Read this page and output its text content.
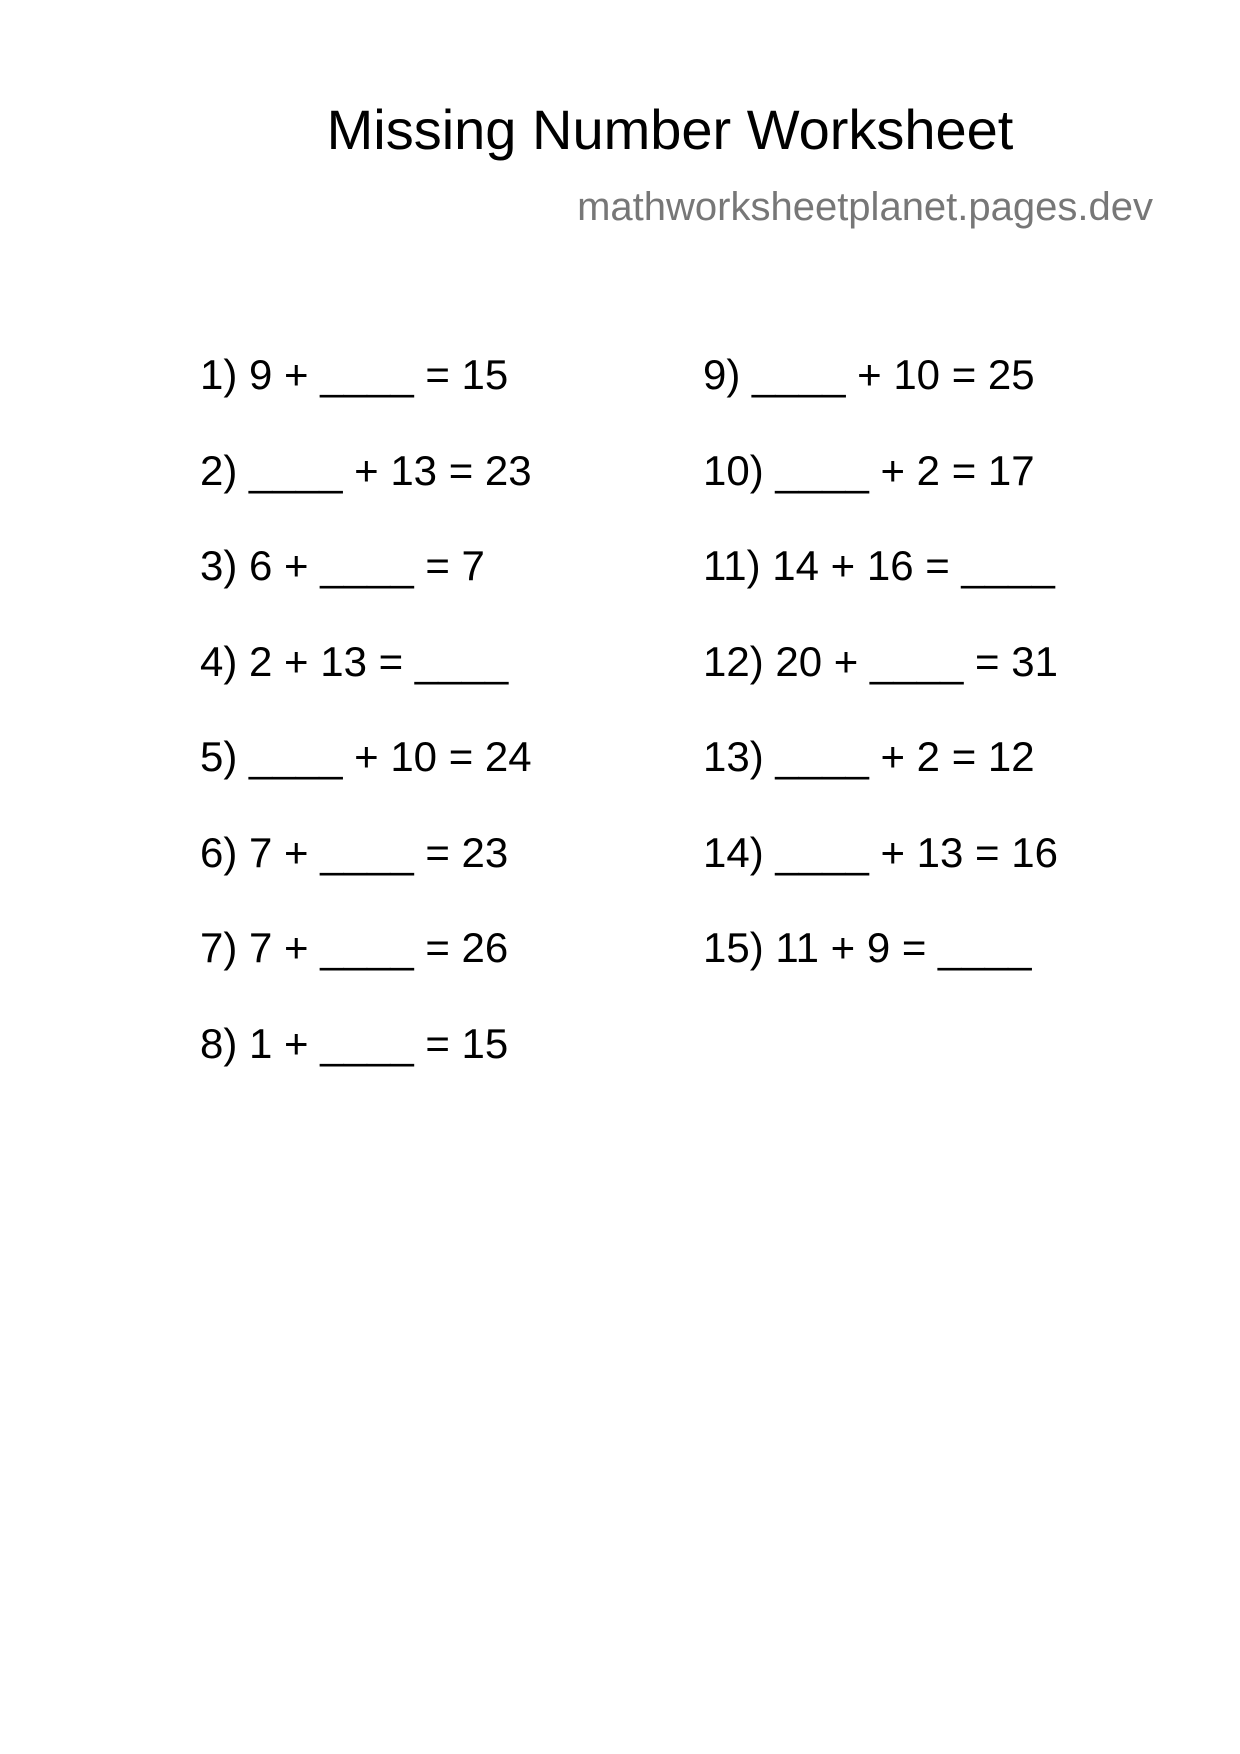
Missing Number Worksheet
mathworksheetplanet.pages.dev
1) 9 + ____ = 15
2) ____ + 13 = 23
3) 6 + ____ = 7
4) 2 + 13 = ____
5) ____ + 10 = 24
6) 7 + ____ = 23
7) 7 + ____ = 26
8) 1 + ____ = 15
9) ____ + 10 = 25
10) ____ + 2 = 17
11) 14 + 16 = ____
12) 20 + ____ = 31
13) ____ + 2 = 12
14) ____ + 13 = 16
15) 11 + 9 = ____
